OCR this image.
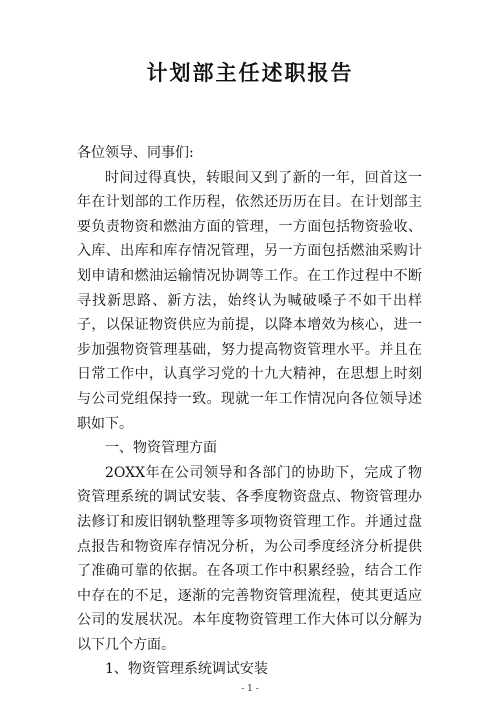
计划部主任述职报告

各位领导、同事们:

时间过得真快，转眼间又到了新的一年，回首这一年在计划部的工作历程，依然还历历在目。在计划部主要负责物资和燃油方面的管理，一方面包括物资验收、入库、出库和库存情况管理，另一方面包括燃油采购计划申请和燃油运输情况协调等工作。在工作过程中不断寻找新思路、新方法，始终认为喊破嗓子不如干出样子，以保证物资供应为前提，以降本增效为核心，进一步加强物资管理基础，努力提高物资管理水平。并且在日常工作中，认真学习党的十九大精神，在思想上时刻与公司党组保持一致。现就一年工作情况向各位领导述职如下。

一、物资管理方面

2OXX年在公司领导和各部门的协助下，完成了物资管理系统的调试安装、各季度物资盘点、物资管理办法修订和废旧钢轨整理等多项物资管理工作。并通过盘点报告和物资库存情况分析，为公司季度经济分析提供了准确可靠的依据。在各项工作中积累经验，结合工作中存在的不足，逐渐的完善物资管理流程，使其更适应公司的发展状况。本年度物资管理工作大体可以分解为以下几个方面。

1、物资管理系统调试安装

- 1 -
